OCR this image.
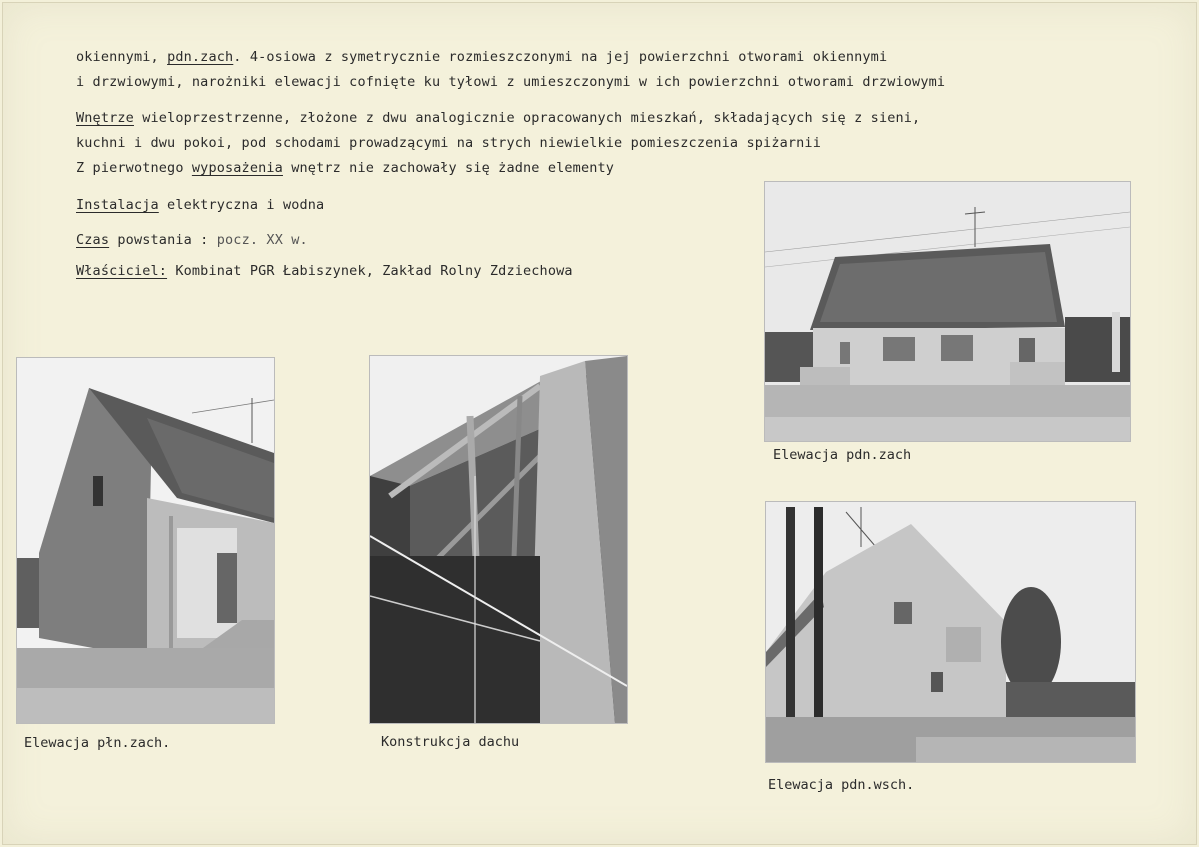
okiennymi, pdn.zach. 4-osiowa z symetrycznie rozmieszczonymi na jej powierzchni otworami okiennymi
i drzwiowymi, narożniki elewacji cofnięte ku tyłowi z umieszczonymi w ich powierzchni otworami drzwiowymi
Wnętrze wieloprzestrzenne, złożone z dwu analogicznie opracowanych mieszkań, składających się z sieni,
kuchni i dwu pokoi, pod schodami prowadzącymi na strych niewielkie pomieszczenia spiżarnii
Z pierwotnego wyposażenia wnętrz nie zachowały się żadne elementy
Instalacja elektryczna i wodna
Czas powstania : pocz. XX w.
Właściciel: Kombinat PGR Łabiszynek, Zakład Rolny Zdziechowa
Elewacja pdn.zach
Elewacja płn.zach.	Konstrukcja dachu
Elewacja pdn.wsch.
